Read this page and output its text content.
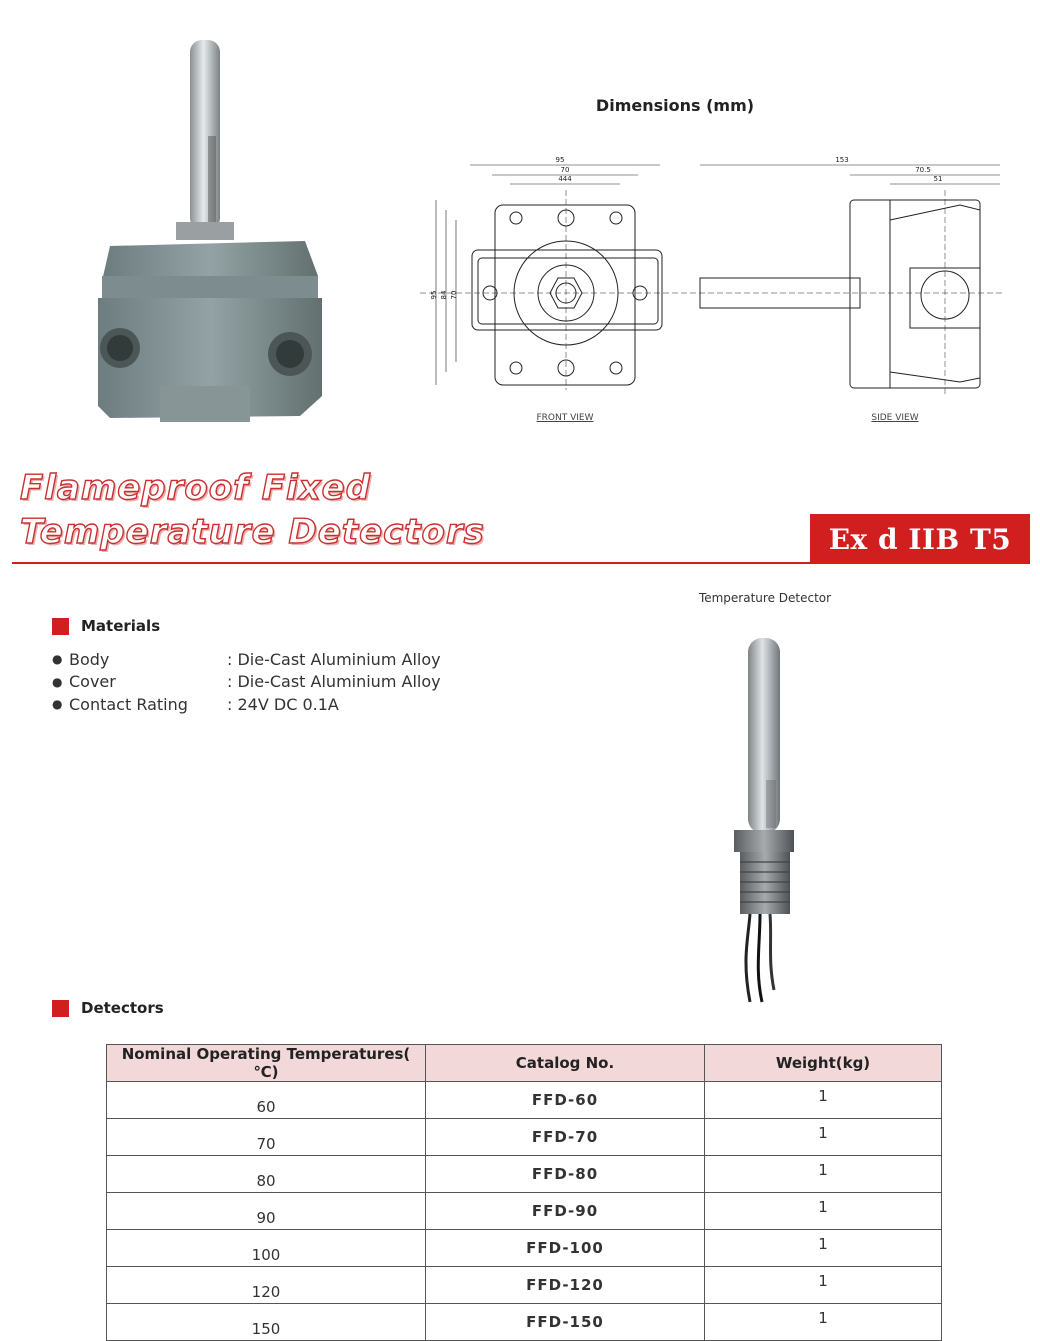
Dimensions (mm)
95
70
444
95 84 70
153
70.5
51
FRONT VIEW	SIDE VIEW
Flameproof Fixed
Temperature Detectors	Ex d IIB T5
Materials
● Body	: Die-Cast Aluminium Alloy
● Cover	: Die-Cast Aluminium Alloy
● Contact Rating	: 24V DC 0.1A
Temperature Detector
Detectors
Nominal Operating Temperatures( ℃)	Catalog No.	Weight(kg)
60	FFD-60	1
70	FFD-70	1
80	FFD-80	1
90	FFD-90	1
100	FFD-100	1
120	FFD-120	1
150	FFD-150	1
